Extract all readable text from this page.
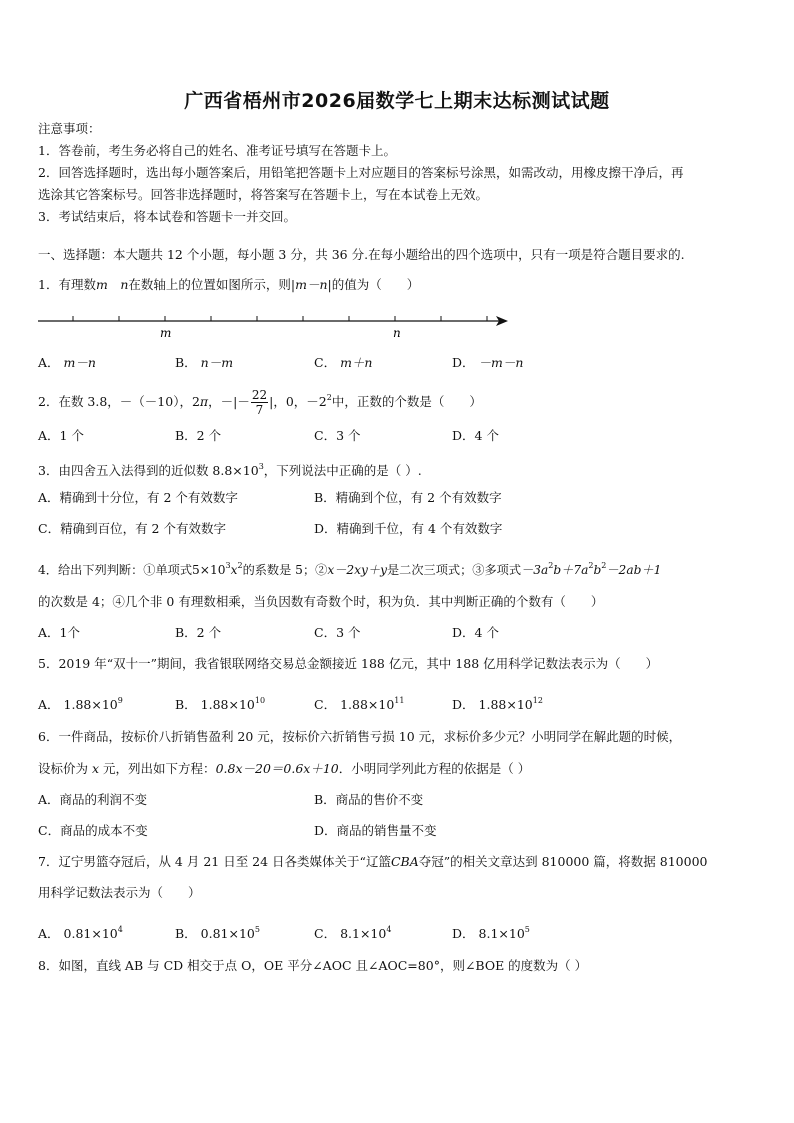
广西省梧州市2026届数学七上期末达标测试试题
注意事项：
1．答卷前，考生务必将自己的姓名、准考证号填写在答题卡上。
2．回答选择题时，选出每小题答案后，用铅笔把答题卡上对应题目的答案标号涂黑，如需改动，用橡皮擦干净后，再
选涂其它答案标号。回答非选择题时，将答案写在答题卡上，写在本试卷上无效。
3．考试结束后，将本试卷和答题卡一并交回。
一、选择题：本大题共 12 个小题，每小题 3 分，共 36 分.在每小题给出的四个选项中，只有一项是符合题目要求的.
1．有理数m　 n在数轴上的位置如图所示，则|m－n|的值为（　　）
m	n
A． m－n	B． n－m	C． m＋n	D． －m－n
2．在数 3.8，－（－10），2π，－|－ $\frac{22}{7}$ |，0，$-2^2$中，正数的个数是（　　）
A．1 个	B．2 个	C．3 个	D．4 个
3．由四舍五入法得到的近似数 $8.8\times 10^3$，下列说法中正确的是（ ）.
A．精确到十分位，有 2 个有效数字	B．精确到个位，有 2 个有效数字
C．精确到百位，有 2 个有效数字	D．精确到千位，有 4 个有效数字
4．给出下列判断：①单项式$5\times 10^3x^2$的系数是 5；②x－2xy＋y是二次三项式；③多项式$-3a^2b+7a^2b^2-2ab+1$
的次数是 4；④几个非 0 有理数相乘，当负因数有奇数个时，积为负．其中判断正确的个数有（　　）
A．1个	B．2 个	C．3 个	D．4 个
5．2019 年“双十一”期间，我省银联网络交易总金额接近 188 亿元，其中 188 亿用科学记数法表示为（　　）
A． $1.88\times 10^9$	B． $1.88\times 10^{10}$	C． $1.88\times 10^{11}$	D． $1.88\times 10^{12}$
6．一件商品，按标价八折销售盈利 20 元，按标价六折销售亏损 10 元，求标价多少元？小明同学在解此题的时候，
设标价为 x 元，列出如下方程：0.8x－20＝0.6x＋10．小明同学列此方程的依据是（ ）
A．商品的利润不变	B．商品的售价不变
C．商品的成本不变	D．商品的销售量不变
7．辽宁男篮夺冠后，从 4 月 21 日至 24 日各类媒体关于“辽篮CBA夺冠”的相关文章达到 810000 篇，将数据 810000
用科学记数法表示为（　　）
A． $0.81\times 10^4$	B． $0.81\times 10^5$	C． $8.1\times 10^4$	D． $8.1\times 10^5$
8．如图，直线 AB 与 CD 相交于点 O，OE 平分∠AOC 且∠AOC=80°，则∠BOE 的度数为（ ）
